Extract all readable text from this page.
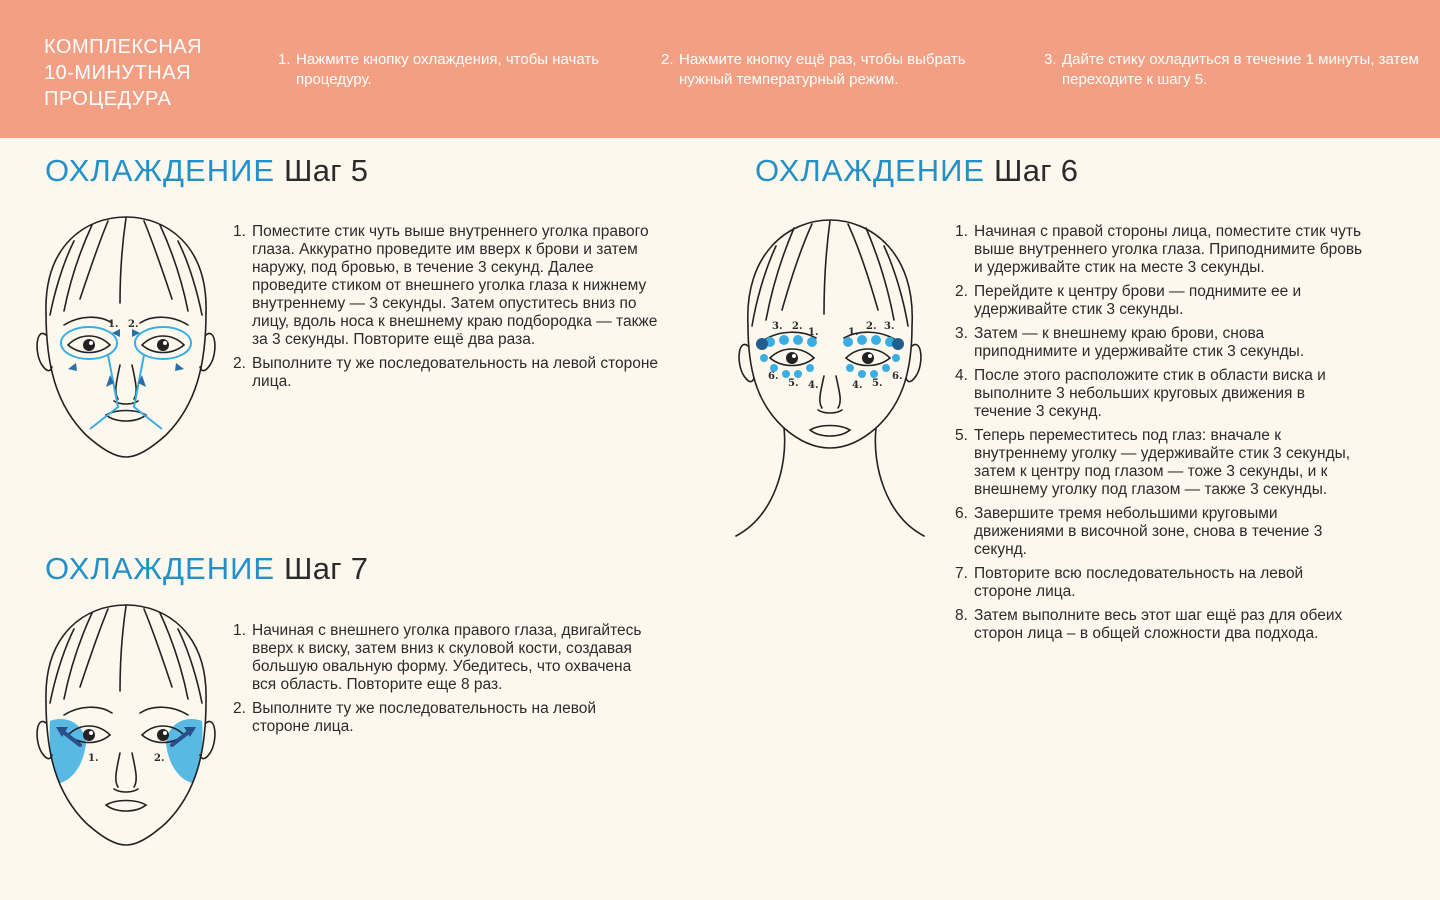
КОМПЛЕКСНАЯ
10-МИНУТНАЯ
ПРОЦЕДУРА
1. Нажмите кнопку охлаждения, чтобы начать процедуру.
2. Нажмите кнопку ещё раз, чтобы выбрать нужный температурный режим.
3. Дайте стику охладиться в течение 1 минуты, затем переходите к шагу 5.
ОХЛАЖДЕНИЕ Шаг 5
1. 2.
1. Поместите стик чуть выше внутреннего уголка правого глаза. Аккуратно проведите им вверх к брови и затем наружу, под бровью, в течение 3 секунд. Далее проведите стиком от внешнего уголка глаза к нижнему внутреннему — 3 секунды. Затем опуститесь вниз по лицу, вдоль носа к внешнему краю подбородка — также за 3 секунды. Повторите ещё два раза.
2. Выполните ту же последовательность на левой стороне лица.
ОХЛАЖДЕНИЕ Шаг 7
1.	2.
1. Начиная с внешнего уголка правого глаза, двигайтесь вверх к виску, затем вниз к скуловой кости, создавая большую овальную форму. Убедитесь, что охвачена вся область. Повторите еще 8 раз.
2. Выполните ту же последовательность на левой стороне лица.
ОХЛАЖДЕНИЕ Шаг 6
3. 2.
1.	1.
2. 3.
6.
5. 4.	4. 5.
6.
1. Начиная с правой стороны лица, поместите стик чуть выше внутреннего уголка глаза. Приподнимите бровь и удерживайте стик на месте 3 секунды.
2. Перейдите к центру брови — поднимите ее и удерживайте стик 3 секунды.
3. Затем — к внешнему краю брови, снова приподнимите и удерживайте стик 3 секунды.
4. После этого расположите стик в области виска и выполните 3 небольших круговых движения в течение 3 секунд.
5. Теперь переместитесь под глаз: вначале к внутреннему уголку — удерживайте стик 3 секунды, затем к центру под глазом — тоже 3 секунды, и к внешнему уголку под глазом — также 3 секунды.
6. Завершите тремя небольшими круговыми движениями в височной зоне, снова в течение 3 секунд.
7. Повторите всю последовательность на левой стороне лица.
8. Затем выполните весь этот шаг ещё раз для обеих сторон лица – в общей сложности два подхода.
